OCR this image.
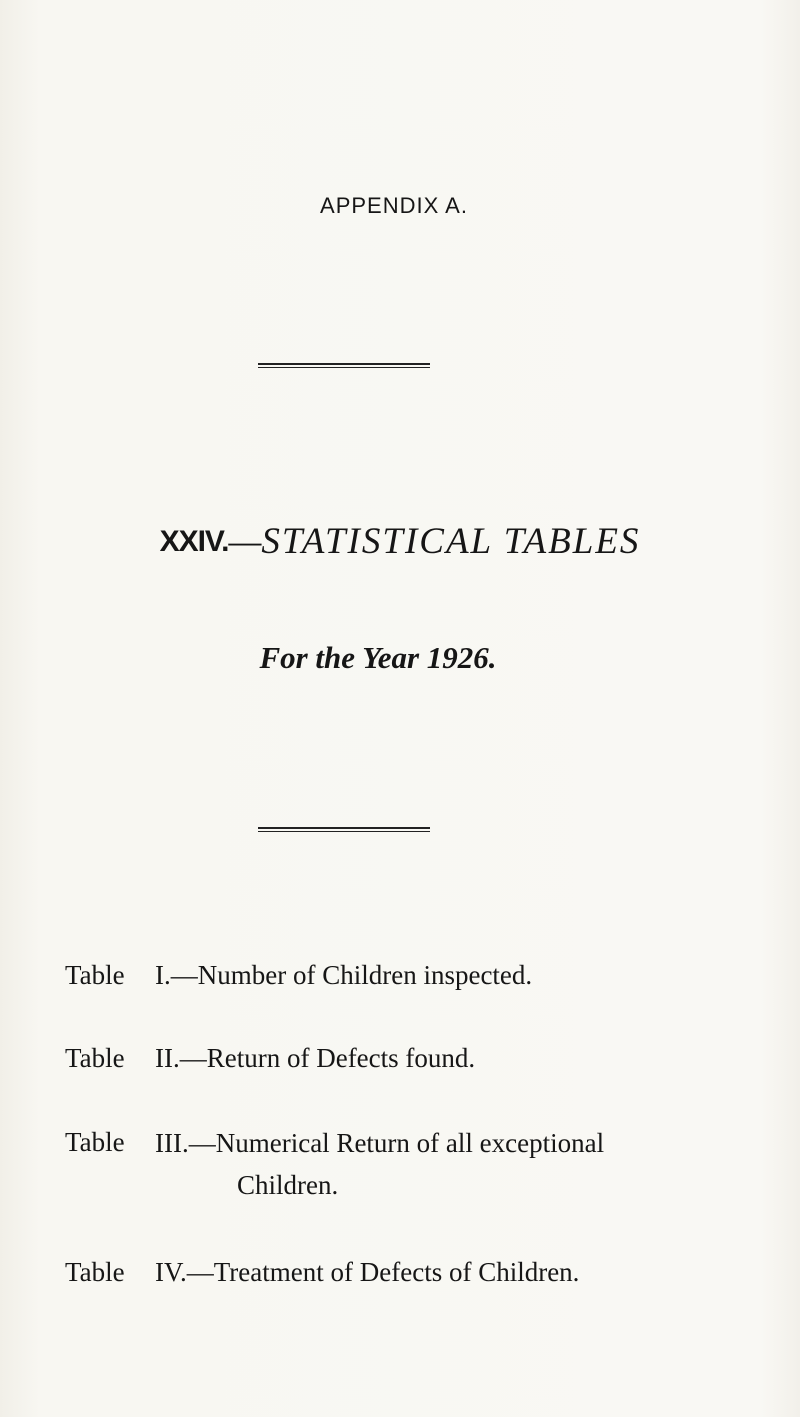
APPENDIX A.
XXIV.—STATISTICAL TABLES
For the Year 1926.
Table	I.—Number of Children inspected.
Table	II.—Return of Defects found.
Table	III.—Numerical Return of all exceptional
Children.
Table	IV.—Treatment of Defects of Children.
